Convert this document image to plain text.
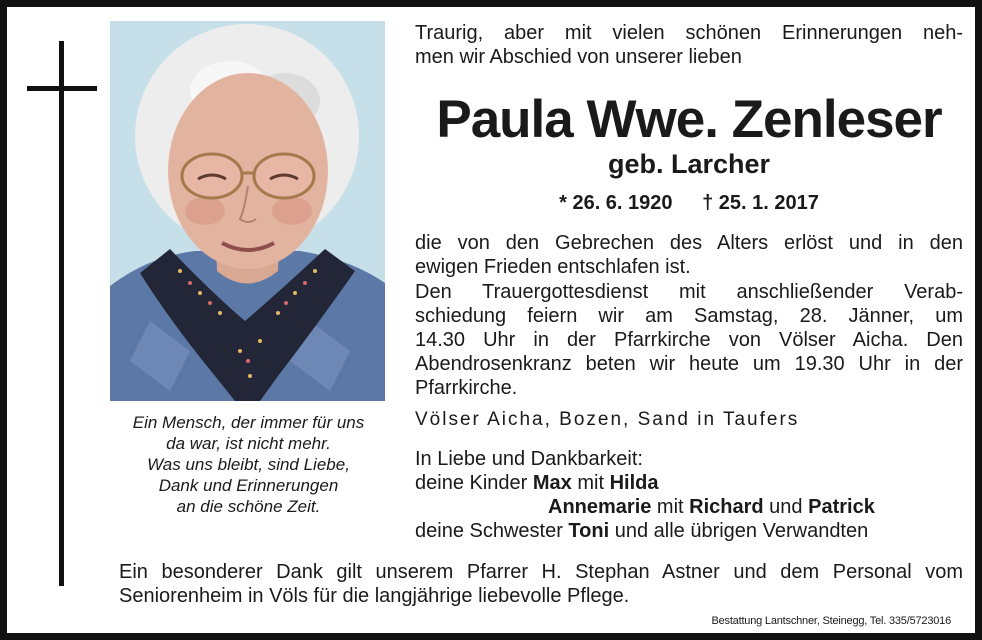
Ein Mensch, der immer für uns
da war, ist nicht mehr.
Was uns bleibt, sind Liebe,
Dank und Erinnerungen
an die schöne Zeit.
Traurig, aber mit vielen schönen Erinnerungen neh-
men wir Abschied von unserer lieben
Paula Wwe. Zenleser
geb. Larcher
* 26. 6. 1920 † 25. 1. 2017
die von den Gebrechen des Alters erlöst und in den
ewigen Frieden entschlafen ist.
Den Trauergottesdienst mit anschließender Verab-
schiedung feiern wir am Samstag, 28. Jänner, um
14.30 Uhr in der Pfarrkirche von Völser Aicha. Den
Abendrosenkranz beten wir heute um 19.30 Uhr in der
Pfarrkirche.
Völser Aicha, Bozen, Sand in Taufers
In Liebe und Dankbarkeit:
deine Kinder Max mit Hilda
Annemarie mit Richard und Patrick
deine Schwester Toni und alle übrigen Verwandten
Ein besonderer Dank gilt unserem Pfarrer H. Stephan Astner und dem Personal vom
Seniorenheim in Völs für die langjährige liebevolle Pflege.
Bestattung Lantschner, Steinegg, Tel. 335/5723016
